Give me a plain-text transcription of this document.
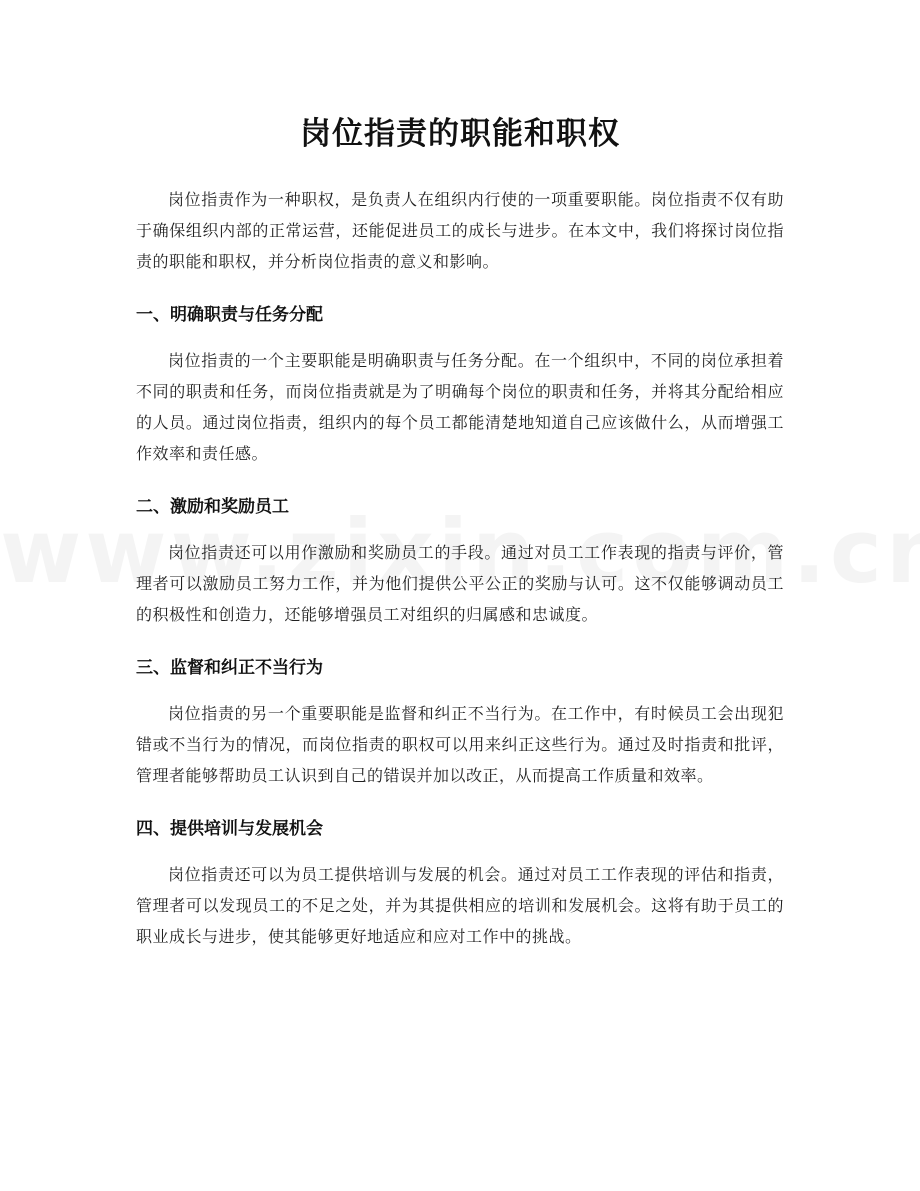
岗位指责的职能和职权

岗位指责作为一种职权，是负责人在组织内行使的一项重要职能。岗位指责不仅有助于确保组织内部的正常运营，还能促进员工的成长与进步。在本文中，我们将探讨岗位指责的职能和职权，并分析岗位指责的意义和影响。

一、明确职责与任务分配

岗位指责的一个主要职能是明确职责与任务分配。在一个组织中，不同的岗位承担着不同的职责和任务，而岗位指责就是为了明确每个岗位的职责和任务，并将其分配给相应的人员。通过岗位指责，组织内的每个员工都能清楚地知道自己应该做什么，从而增强工作效率和责任感。

二、激励和奖励员工

岗位指责还可以用作激励和奖励员工的手段。通过对员工工作表现的指责与评价，管理者可以激励员工努力工作，并为他们提供公平公正的奖励与认可。这不仅能够调动员工的积极性和创造力，还能够增强员工对组织的归属感和忠诚度。

三、监督和纠正不当行为

岗位指责的另一个重要职能是监督和纠正不当行为。在工作中，有时候员工会出现犯错或不当行为的情况，而岗位指责的职权可以用来纠正这些行为。通过及时指责和批评，管理者能够帮助员工认识到自己的错误并加以改正，从而提高工作质量和效率。

四、提供培训与发展机会

岗位指责还可以为员工提供培训与发展的机会。通过对员工工作表现的评估和指责，管理者可以发现员工的不足之处，并为其提供相应的培训和发展机会。这将有助于员工的职业成长与进步，使其能够更好地适应和应对工作中的挑战。
